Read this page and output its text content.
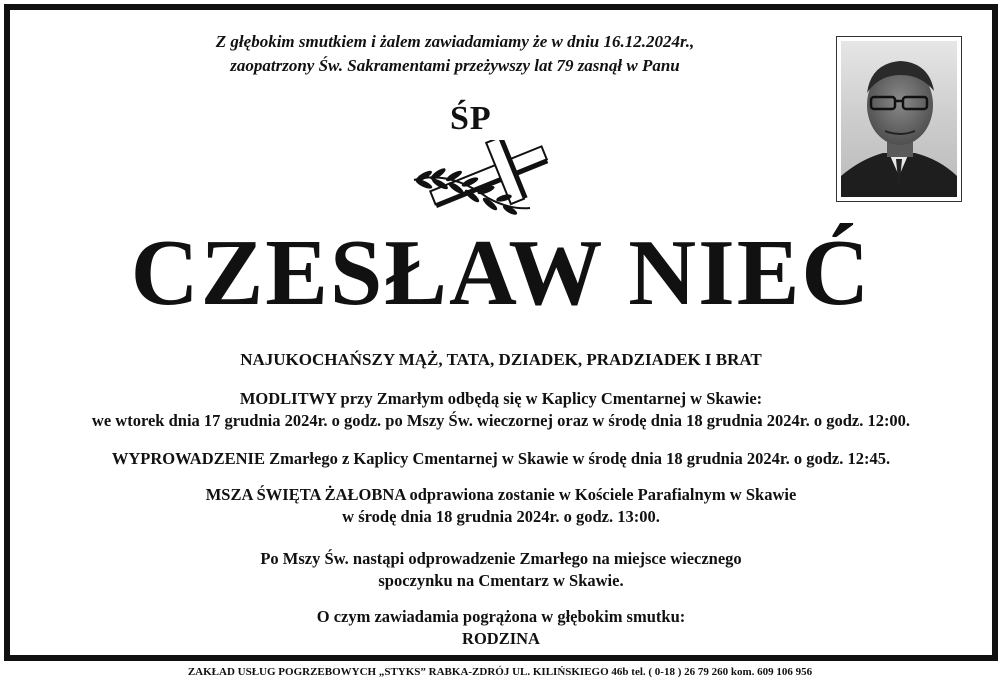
Z głębokim smutkiem i żalem zawiadamiamy że w dniu 16.12.2024r.,
zaopatrzony Św. Sakramentami przeżywszy lat 79 zasnął w Panu
ŚP
CZESŁAW NIEĆ
NAJUKOCHAŃSZY MĄŻ, TATA, DZIADEK, PRADZIADEK I BRAT
MODLITWY przy Zmarłym odbędą się w Kaplicy Cmentarnej w Skawie:
we wtorek dnia 17 grudnia 2024r. o godz. po Mszy Św. wieczornej oraz w środę dnia 18 grudnia 2024r. o godz. 12:00.
WYPROWADZENIE Zmarłego z Kaplicy Cmentarnej w Skawie w środę dnia 18 grudnia 2024r. o godz. 12:45.
MSZA ŚWIĘTA ŻAŁOBNA odprawiona zostanie w Kościele Parafialnym w Skawie
w środę dnia 18 grudnia 2024r. o godz. 13:00.
Po Mszy Św. nastąpi odprowadzenie Zmarłego na miejsce wiecznego
spoczynku na Cmentarz w Skawie.
O czym zawiadamia pogrążona w głębokim smutku:
RODZINA
ZAKŁAD USŁUG POGRZEBOWYCH „STYKS” RABKA-ZDRÓJ UL. KILIŃSKIEGO 46b tel. ( 0-18 ) 26 79 260 kom. 609 106 956
